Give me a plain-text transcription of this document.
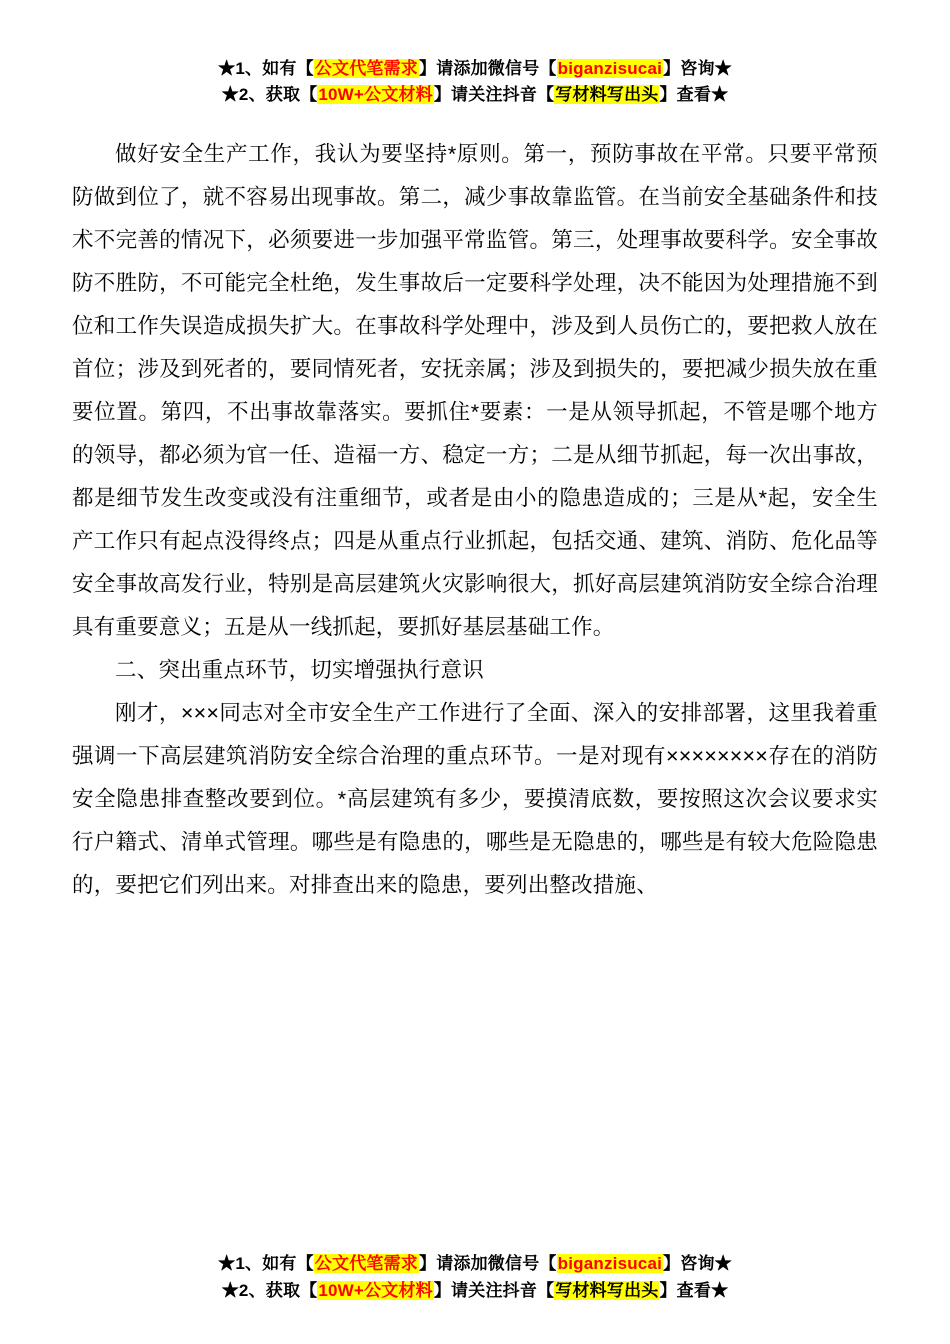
★1、如有【公文代笔需求】请添加微信号【biganzisucai】咨询★
★2、获取【10W+公文材料】请关注抖音【写材料写出头】查看★

做好安全生产工作，我认为要坚持*原则。第一，预防事故在平常。只要平常预防做到位了，就不容易出现事故。第二，减少事故靠监管。在当前安全基础条件和技术不完善的情况下，必须要进一步加强平常监管。第三，处理事故要科学。安全事故防不胜防，不可能完全杜绝，发生事故后一定要科学处理，决不能因为处理措施不到位和工作失误造成损失扩大。在事故科学处理中，涉及到人员伤亡的，要把救人放在首位；涉及到死者的，要同情死者，安抚亲属；涉及到损失的，要把减少损失放在重要位置。第四，不出事故靠落实。要抓住*要素：一是从领导抓起，不管是哪个地方的领导，都必须为官一任、造福一方、稳定一方；二是从细节抓起，每一次出事故，都是细节发生改变或没有注重细节，或者是由小的隐患造成的；三是从*起，安全生产工作只有起点没得终点；四是从重点行业抓起，包括交通、建筑、消防、危化品等安全事故高发行业，特别是高层建筑火灾影响很大，抓好高层建筑消防安全综合治理具有重要意义；五是从一线抓起，要抓好基层基础工作。

二、突出重点环节，切实增强执行意识

刚才，×××同志对全市安全生产工作进行了全面、深入的安排部署，这里我着重强调一下高层建筑消防安全综合治理的重点环节。一是对现有××××××××存在的消防安全隐患排查整改要到位。*高层建筑有多少，要摸清底数，要按照这次会议要求实行户籍式、清单式管理。哪些是有隐患的，哪些是无隐患的，哪些是有较大危险隐患的，要把它们列出来。对排查出来的隐患，要列出整改措施、

★1、如有【公文代笔需求】请添加微信号【biganzisucai】咨询★
★2、获取【10W+公文材料】请关注抖音【写材料写出头】查看★
